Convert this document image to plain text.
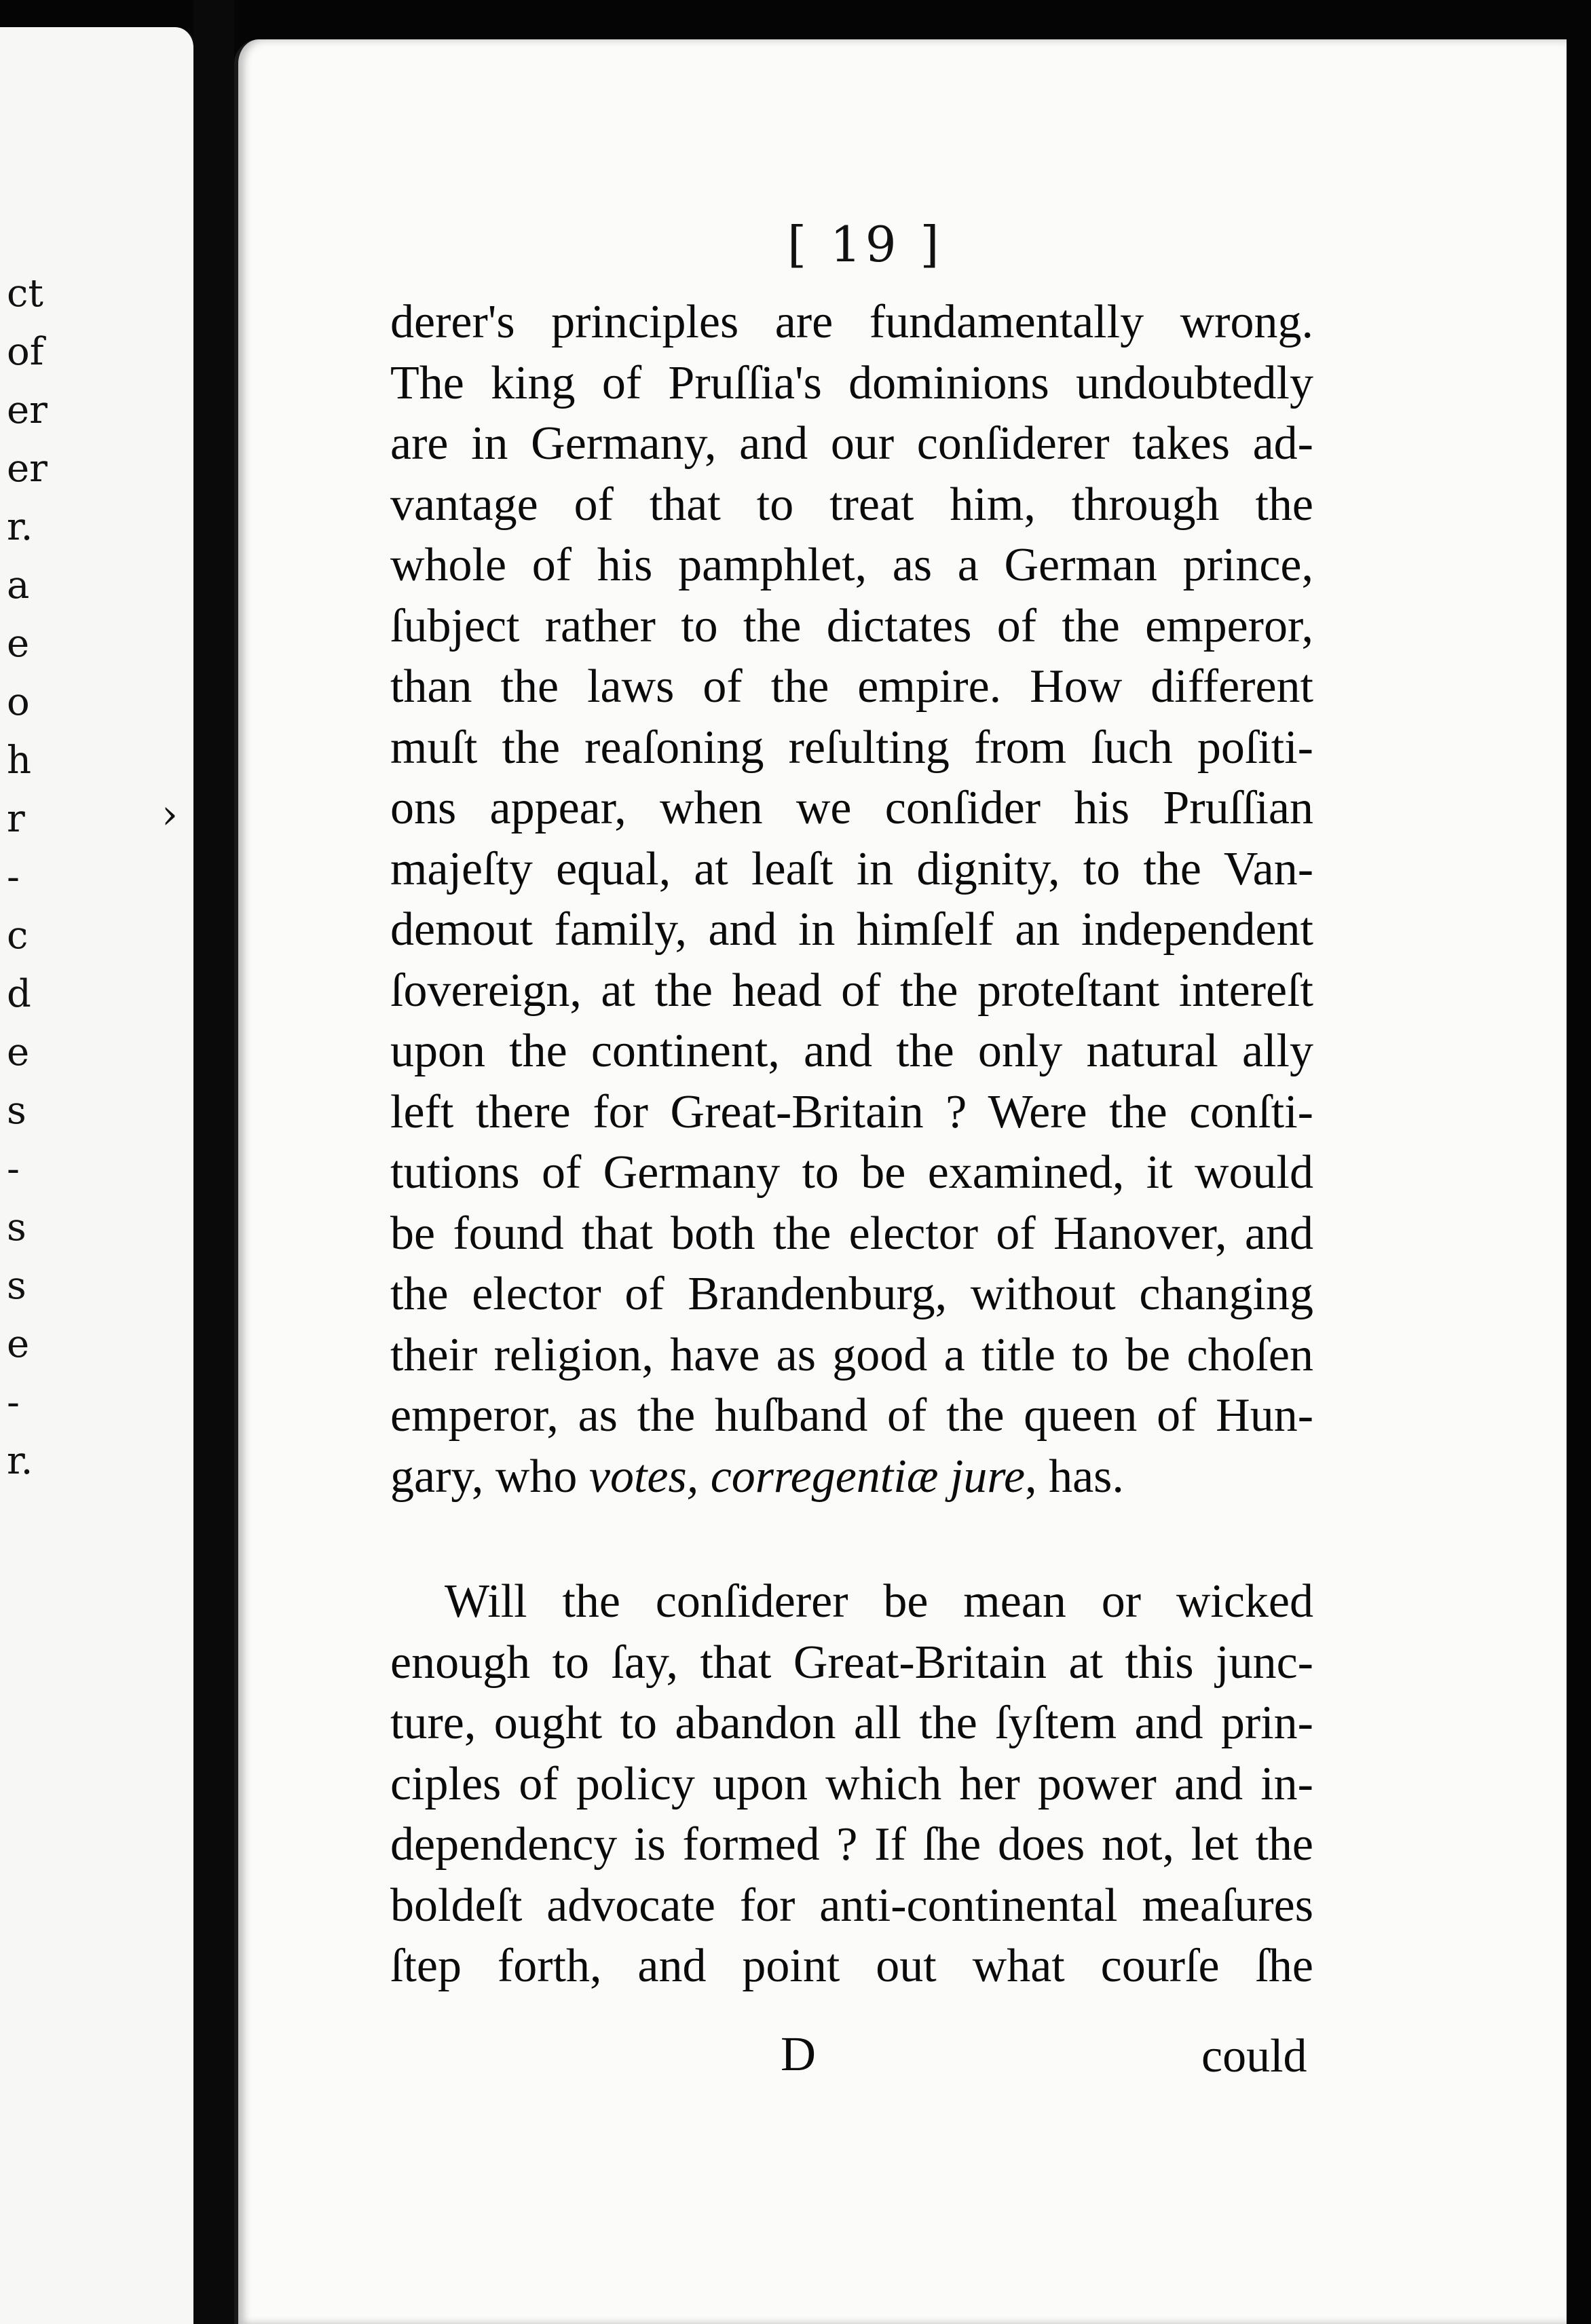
ct
of
er
er
r.
a
e
o
h
r
-
c
d
e
s
-
s
s
e
-
r.
›
[ 19 ]
derer's principles are fundamentally wrong.
The king of Pruſſia's dominions undoubtedly
are in Germany, and our conſiderer takes ad-
vantage of that to treat him, through the
whole of his pamphlet, as a German prince,
ſubject rather to the dictates of the emperor,
than the laws of the empire. How different
muſt the reaſoning reſulting from ſuch poſiti-
ons appear, when we conſider his Pruſſian
majeſty equal, at leaſt in dignity, to the Van-
demout family, and in himſelf an independent
ſovereign, at the head of the proteſtant intereſt
upon the continent, and the only natural ally
left there for Great-Britain ? Were the conſti-
tutions of Germany to be examined, it would
be found that both the elector of Hanover, and
the elector of Brandenburg, without changing
their religion, have as good a title to be choſen
emperor, as the huſband of the queen of Hun-
gary, who votes, corregentiæ jure, has.
Will the conſiderer be mean or wicked
enough to ſay, that Great-Britain at this junc-
ture, ought to abandon all the ſyſtem and prin-
ciples of policy upon which her power and in-
dependency is formed ? If ſhe does not, let the
boldeſt advocate for anti-continental meaſures
ſtep forth, and point out what courſe ſhe
D	could
